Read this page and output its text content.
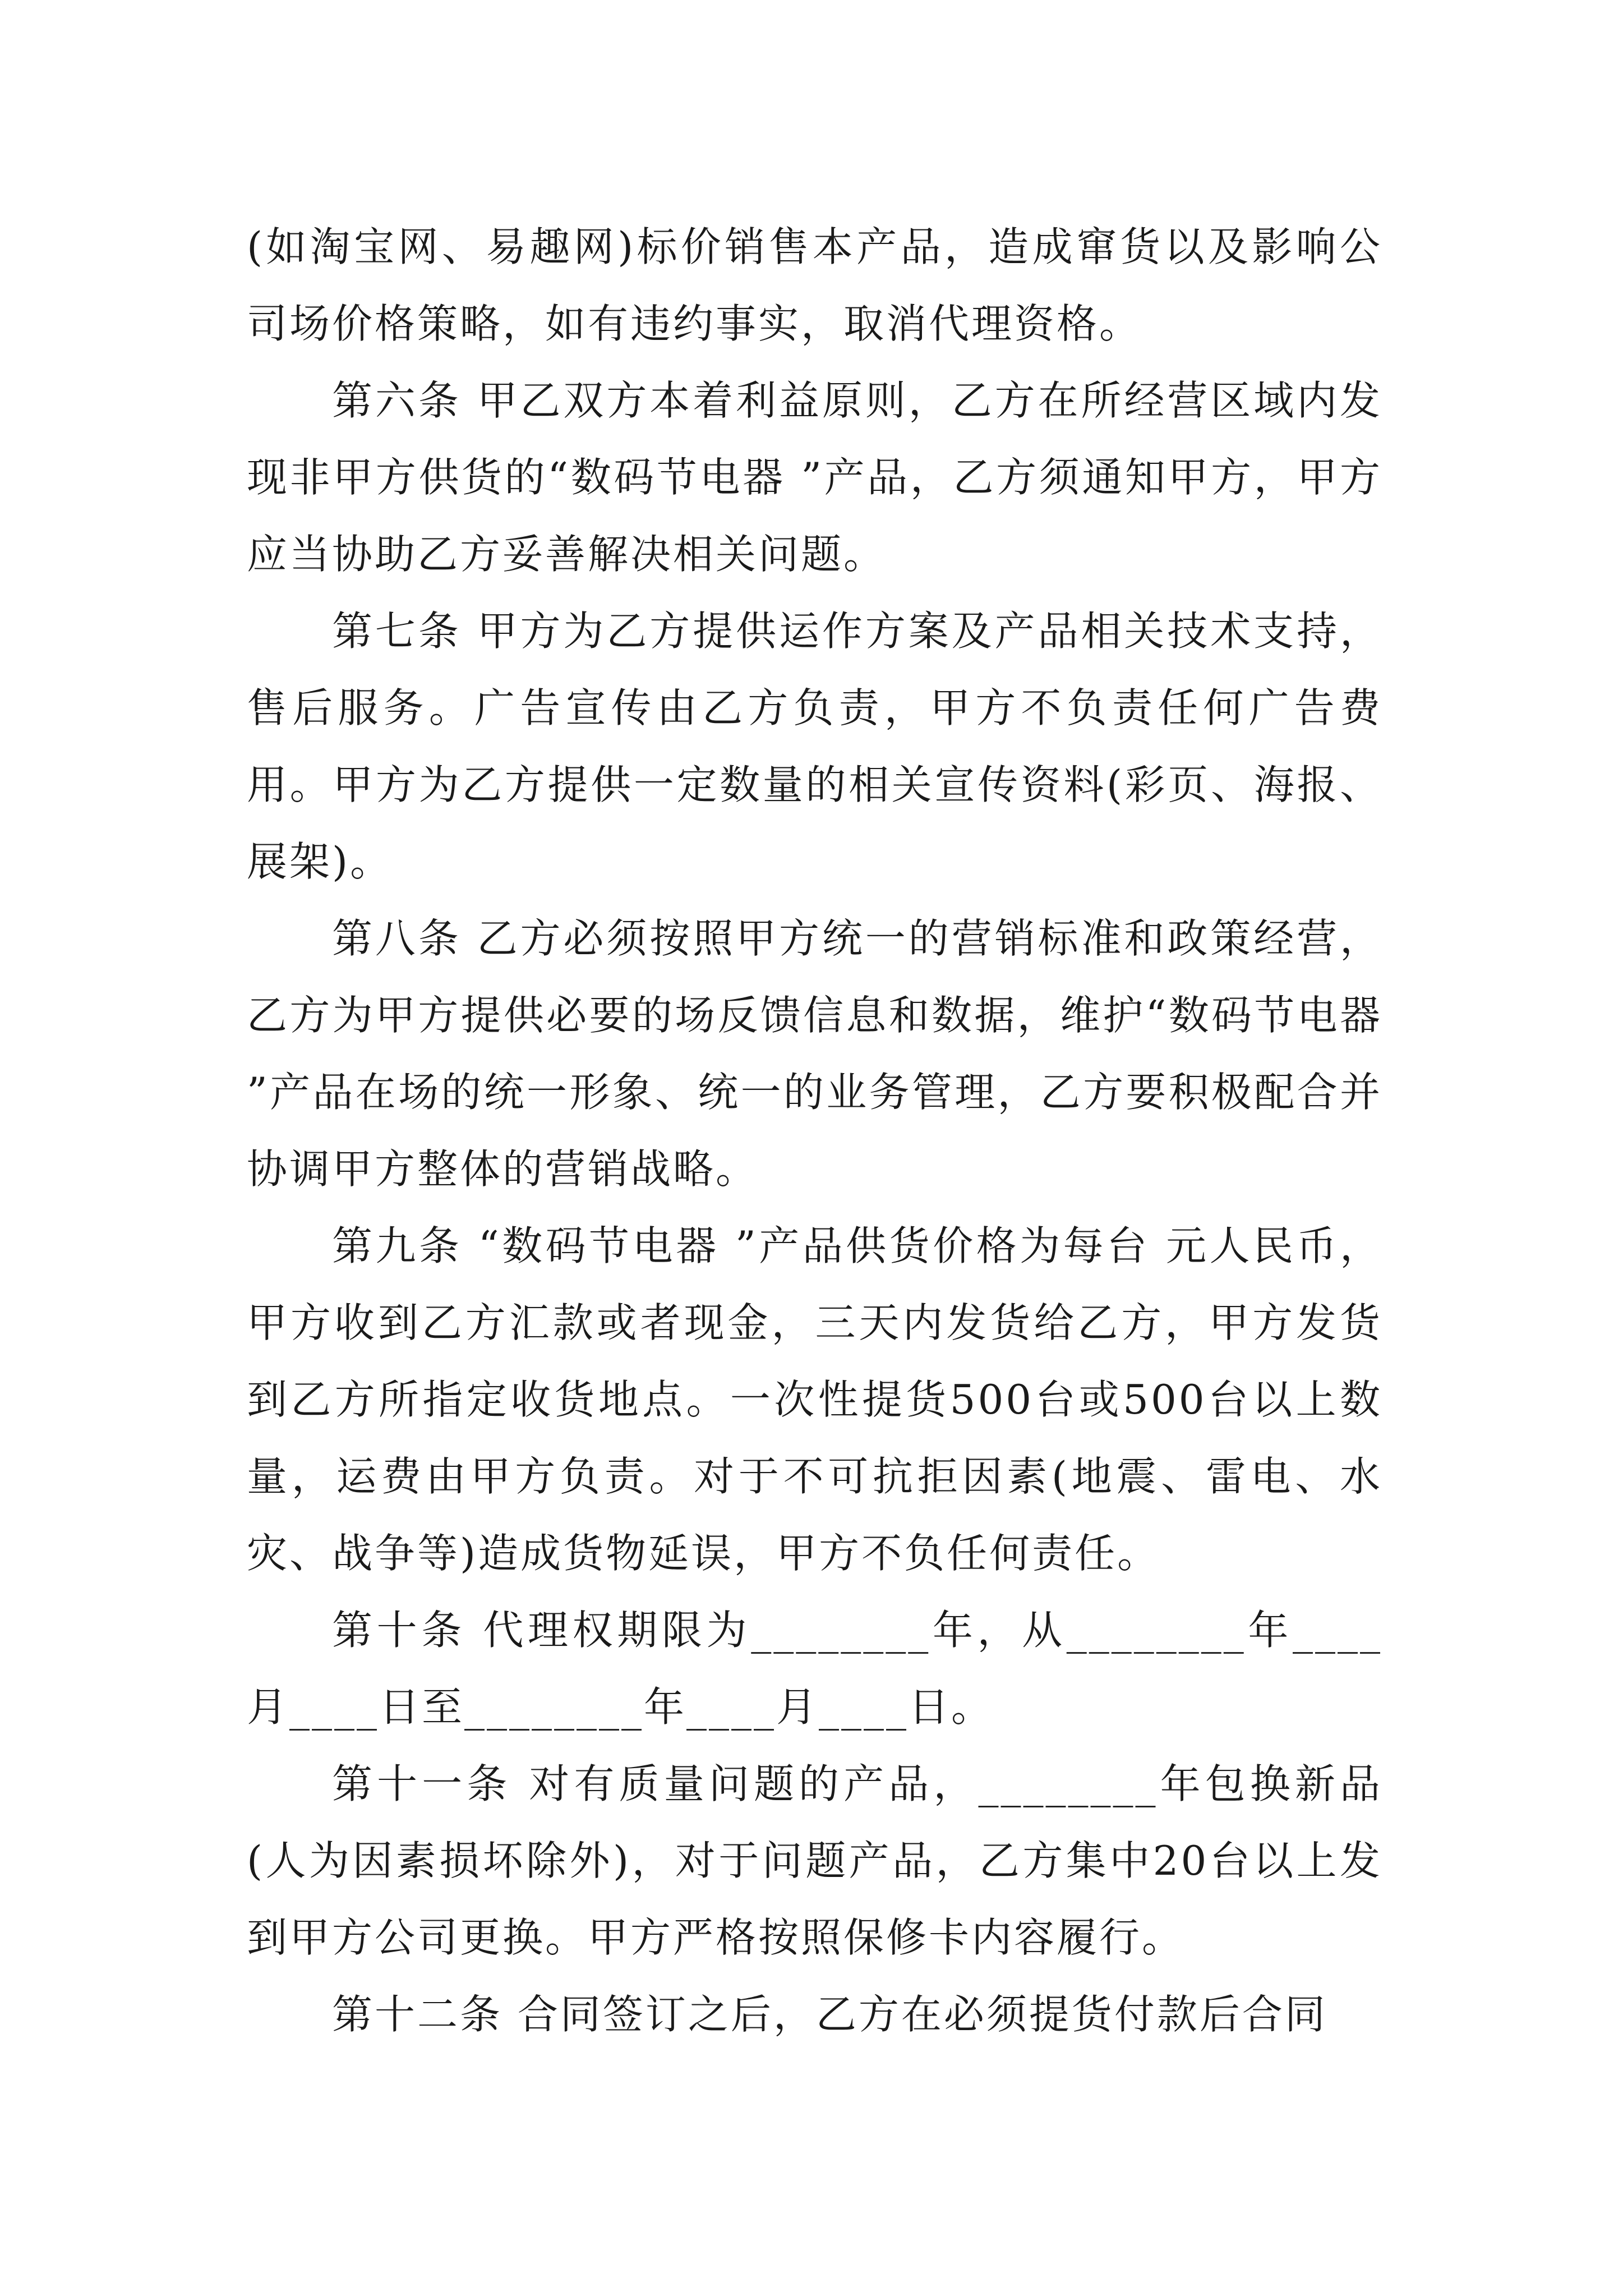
(如淘宝网、易趣网)标价销售本产品，造成窜货以及影响公司场价格策略，如有违约事实，取消代理资格。

第六条 甲乙双方本着利益原则，乙方在所经营区域内发现非甲方供货的“数码节电器 ”产品，乙方须通知甲方，甲方应当协助乙方妥善解决相关问题。

第七条 甲方为乙方提供运作方案及产品相关技术支持，售后服务。广告宣传由乙方负责，甲方不负责任何广告费用。甲方为乙方提供一定数量的相关宣传资料(彩页、海报、展架)。

第八条 乙方必须按照甲方统一的营销标准和政策经营，乙方为甲方提供必要的场反馈信息和数据，维护“数码节电器 ”产品在场的统一形象、统一的业务管理，乙方要积极配合并协调甲方整体的营销战略。

第九条 “数码节电器 ”产品供货价格为每台 元人民币，甲方收到乙方汇款或者现金，三天内发货给乙方，甲方发货到乙方所指定收货地点。一次性提货500台或500台以上数量，运费由甲方负责。对于不可抗拒因素(地震、雷电、水灾、战争等)造成货物延误，甲方不负任何责任。

第十条 代理权期限为________年，从________年____月____日至________年____月____日。

第十一条 对有质量问题的产品，________年包换新品(人为因素损坏除外)，对于问题产品，乙方集中20台以上发到甲方公司更换。甲方严格按照保修卡内容履行。

第十二条 合同签订之后，乙方在必须提货付款后合同
